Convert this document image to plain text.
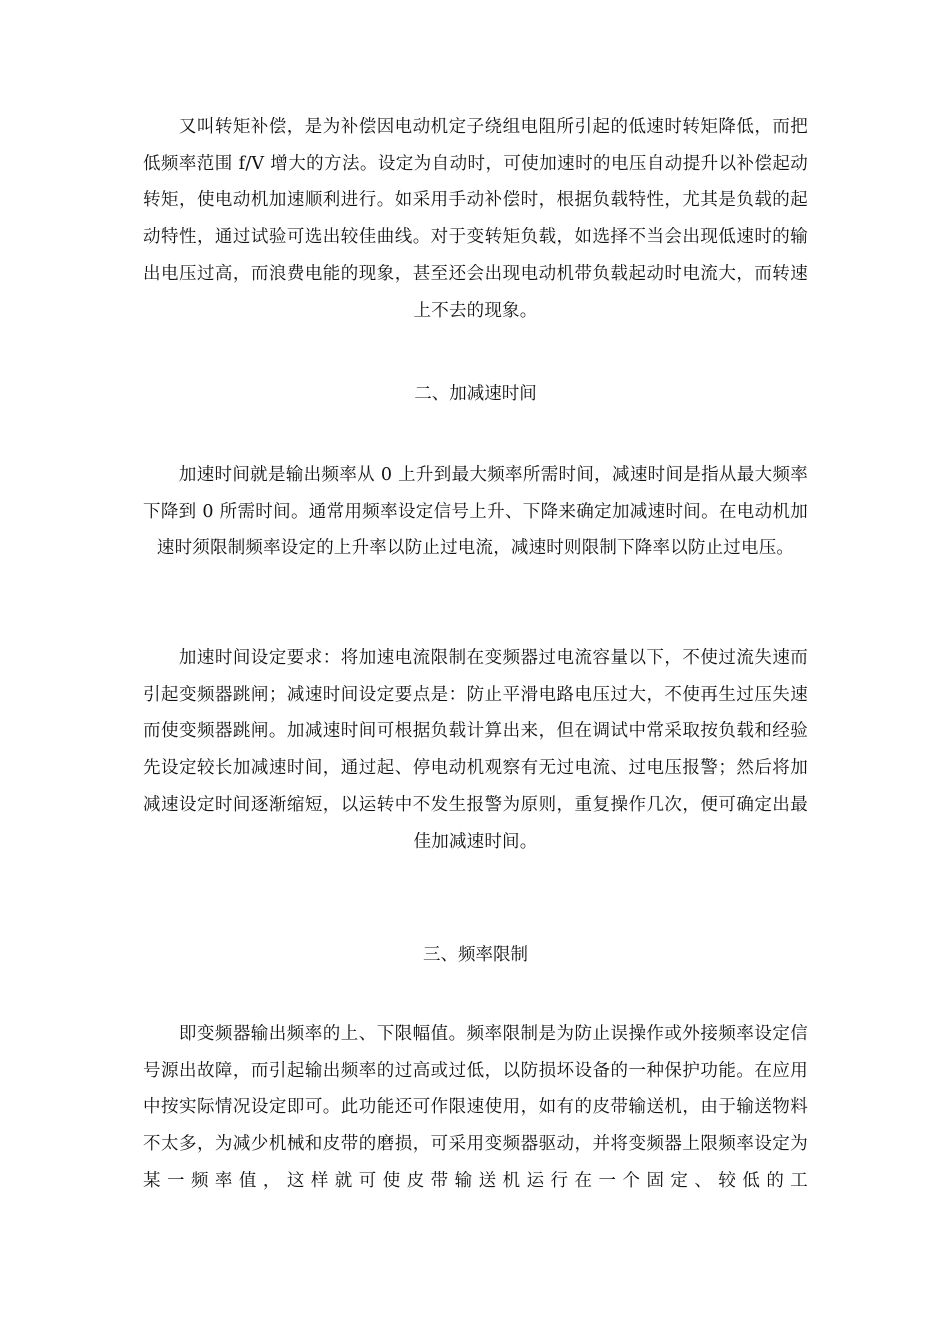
又叫转矩补偿，是为补偿因电动机定子绕组电阻所引起的低速时转矩降低，而把低频率范围 f/V 增大的方法。设定为自动时，可使加速时的电压自动提升以补偿起动转矩，使电动机加速顺利进行。如采用手动补偿时，根据负载特性，尤其是负载的起动特性，通过试验可选出较佳曲线。对于变转矩负载，如选择不当会出现低速时的输出电压过高，而浪费电能的现象，甚至还会出现电动机带负载起动时电流大，而转速上不去的现象。

二、加减速时间

加速时间就是输出频率从 0 上升到最大频率所需时间，减速时间是指从最大频率下降到 0 所需时间。通常用频率设定信号上升、下降来确定加减速时间。在电动机加速时须限制频率设定的上升率以防止过电流，减速时则限制下降率以防止过电压。

加速时间设定要求：将加速电流限制在变频器过电流容量以下，不使过流失速而引起变频器跳闸；减速时间设定要点是：防止平滑电路电压过大，不使再生过压失速而使变频器跳闸。加减速时间可根据负载计算出来，但在调试中常采取按负载和经验先设定较长加减速时间，通过起、停电动机观察有无过电流、过电压报警；然后将加减速设定时间逐渐缩短，以运转中不发生报警为原则，重复操作几次，便可确定出最佳加减速时间。

三、频率限制

即变频器输出频率的上、下限幅值。频率限制是为防止误操作或外接频率设定信号源出故障，而引起输出频率的过高或过低，以防损坏设备的一种保护功能。在应用中按实际情况设定即可。此功能还可作限速使用，如有的皮带输送机，由于输送物料不太多，为减少机械和皮带的磨损，可采用变频器驱动，并将变频器上限频率设定为某一频率值，这样就可使皮带输送机运行在一个固定、较低的工
